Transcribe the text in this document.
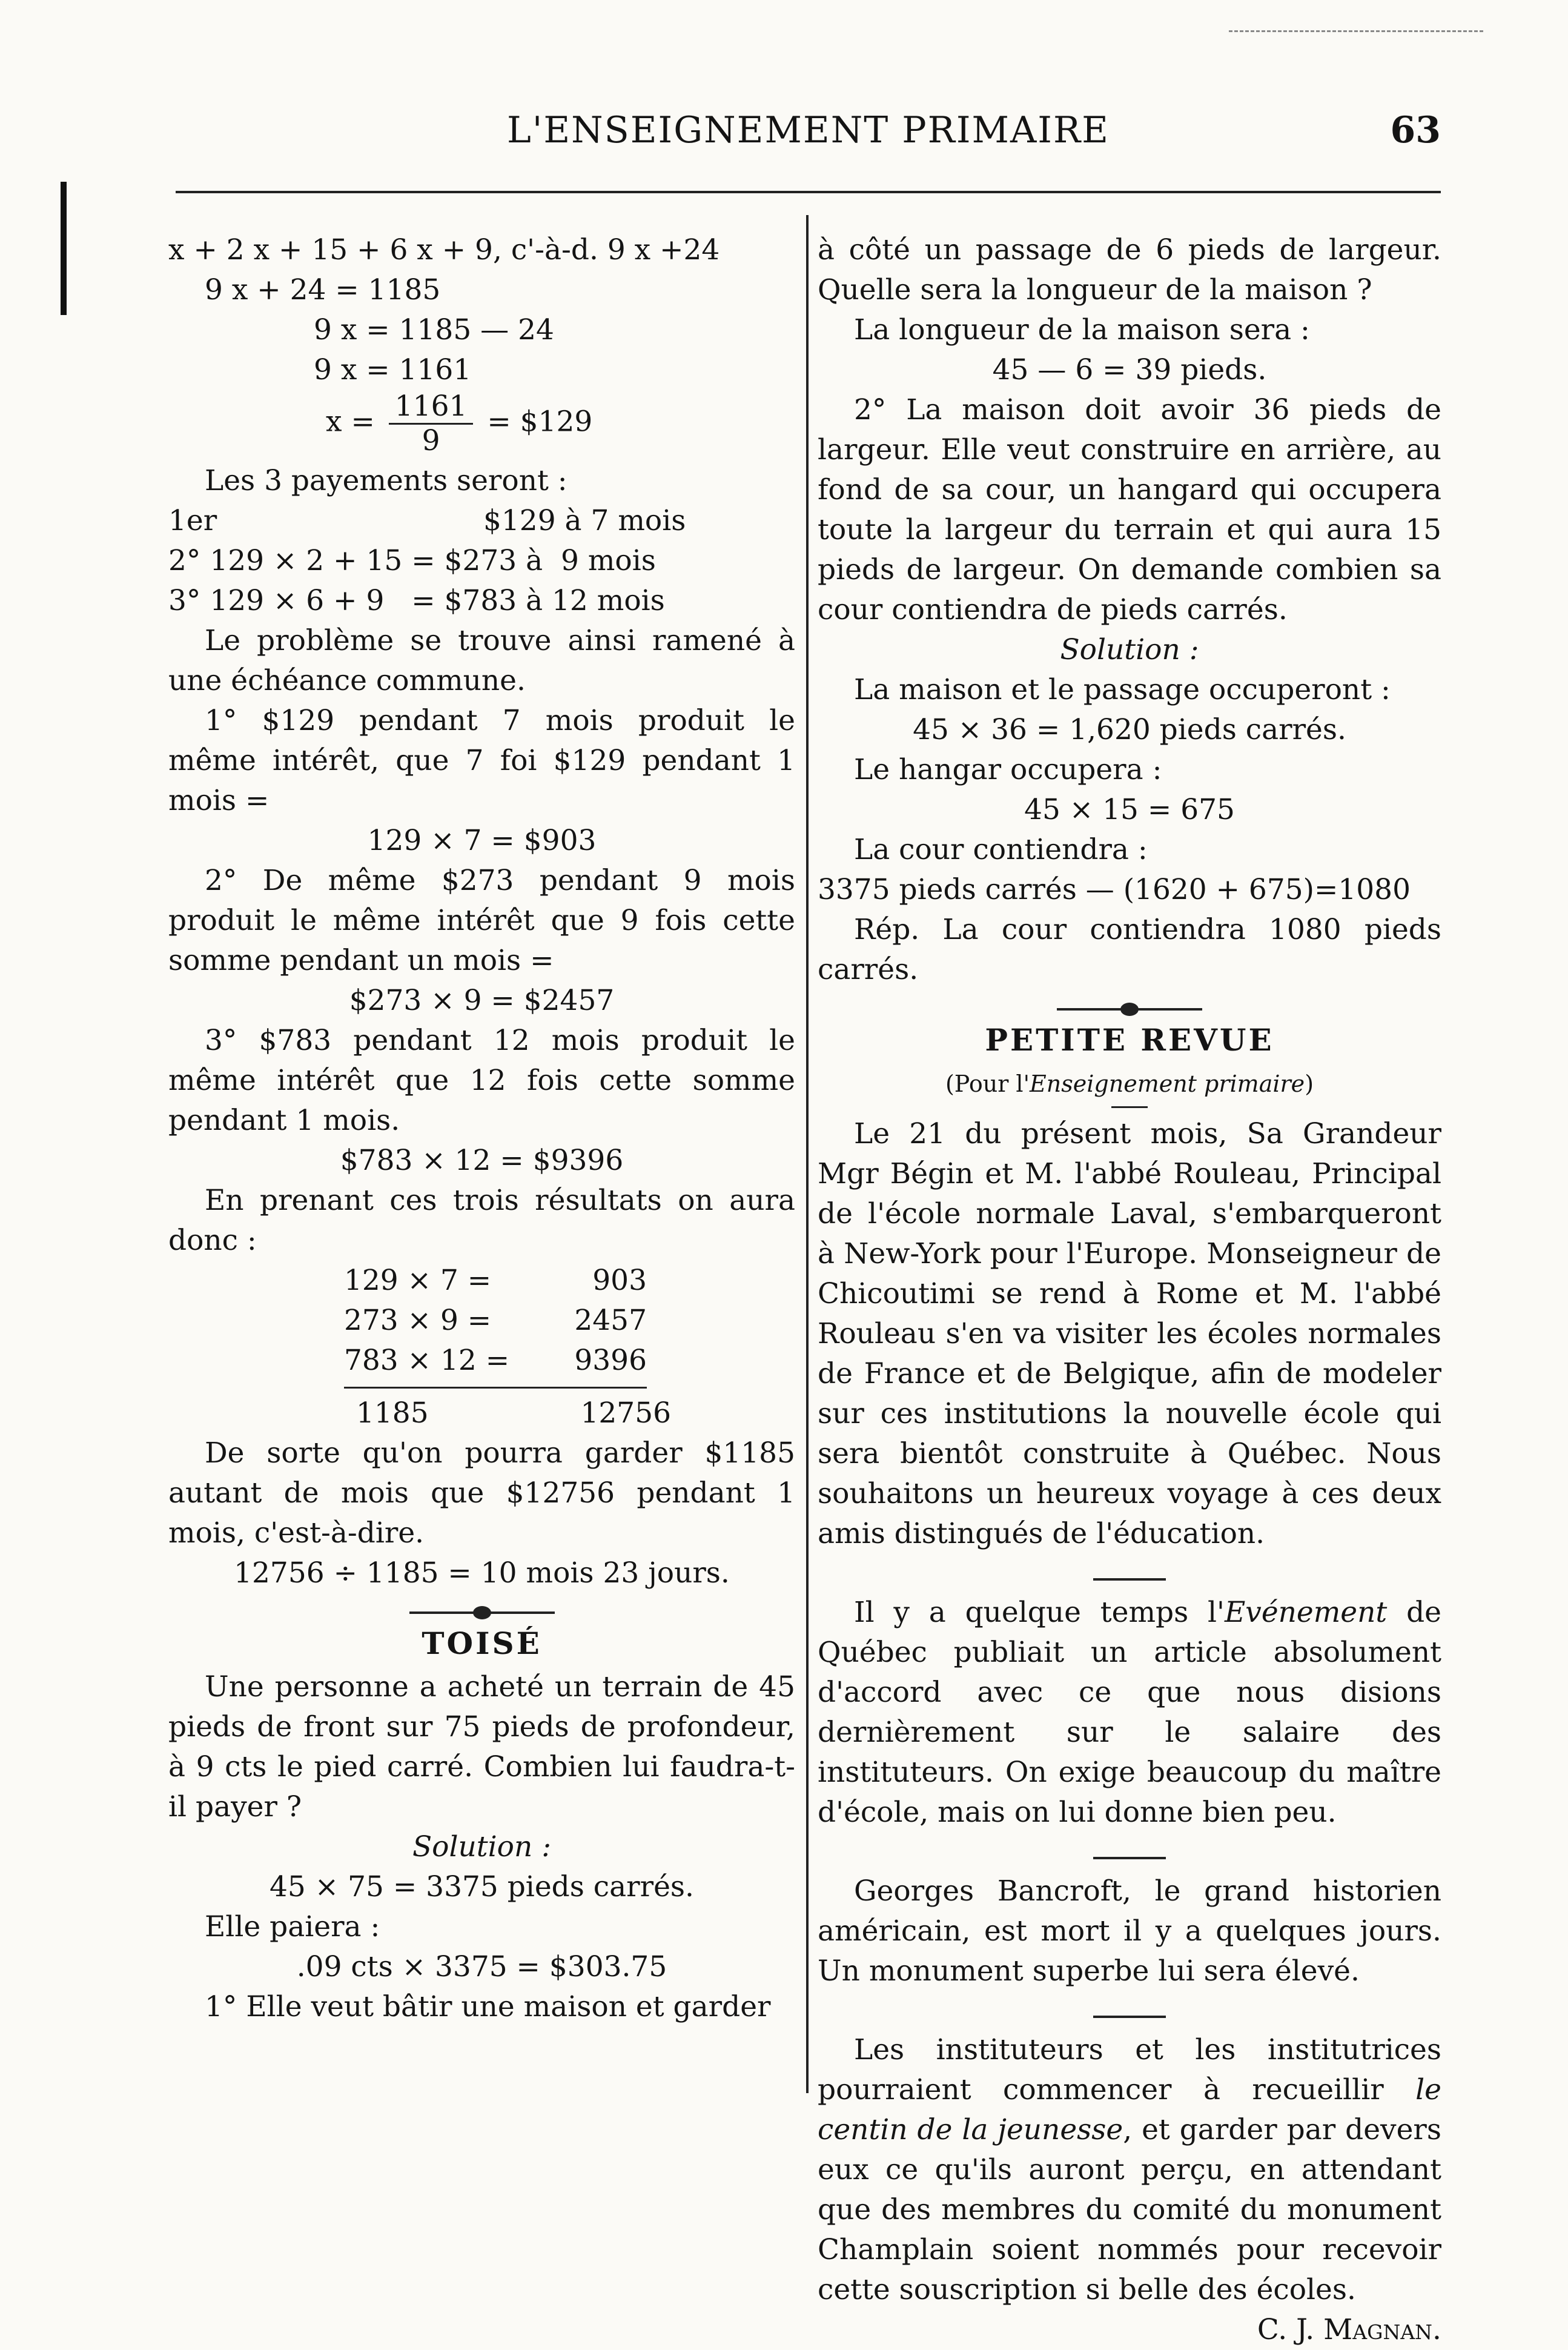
L'ENSEIGNEMENT PRIMAIRE	63

x + 2 x + 15 + 6 x + 9, c'-à-d. 9 x +24

9 x + 24 = 1185

9 x = 1185 — 24

9 x = 1161

$x = \frac{1161}{9}$ = $129

Les 3 payements seront :

1er	$129 à 7 mois

2° 129 × 2 + 15 = $273 à  9 mois

3° 129 × 6 + 9   = $783 à 12 mois

Le problème se trouve ainsi ramené à une échéance commune.

1° $129 pendant 7 mois produit le même intérêt, que 7 foi $129 pendant 1 mois =

129 × 7 = $903

2° De même $273 pendant 9 mois produit le même intérêt que 9 fois cette somme pendant un mois =

$273 × 9 = $2457

3° $783 pendant 12 mois produit le même intérêt que 12 fois cette somme pendant 1 mois.

$783 × 12 = $9396

En prenant ces trois résultats on aura donc :

129 × 7 =	903
273 × 9 =	2457
783 × 12 =	9396
1185	12756

De sorte qu'on pourra garder $1185 autant de mois que $12756 pendant 1 mois, c'est-à-dire.

12756 ÷ 1185 = 10 mois 23 jours.

TOISÉ

Une personne a acheté un terrain de 45 pieds de front sur 75 pieds de profondeur, à 9 cts le pied carré. Combien lui faudra-t-il payer ?

Solution :

45 × 75 = 3375 pieds carrés.

Elle paiera :

.09 cts × 3375 = $303.75

1° Elle veut bâtir une maison et garder

à côté un passage de 6 pieds de largeur. Quelle sera la longueur de la maison ?

La longueur de la maison sera :

45 — 6 = 39 pieds.

2° La maison doit avoir 36 pieds de largeur. Elle veut construire en arrière, au fond de sa cour, un hangard qui occupera toute la largeur du terrain et qui aura 15 pieds de largeur. On demande combien sa cour contiendra de pieds carrés.

Solution :

La maison et le passage occuperont :

45 × 36 = 1,620 pieds carrés.

Le hangar occupera :

45 × 15 = 675

La cour contiendra :

3375 pieds carrés — (1620 + 675)=1080

Rép. La cour contiendra 1080 pieds carrés.

PETITE REVUE

(Pour l'Enseignement primaire)

Le 21 du présent mois, Sa Grandeur Mgr Bégin et M. l'abbé Rouleau, Principal de l'école normale Laval, s'embarqueront à New-York pour l'Europe. Monseigneur de Chicoutimi se rend à Rome et M. l'abbé Rouleau s'en va visiter les écoles normales de France et de Belgique, afin de modeler sur ces institutions la nouvelle école qui sera bientôt construite à Québec. Nous souhaitons un heureux voyage à ces deux amis distingués de l'éducation.

Il y a quelque temps l'Evénement de Québec publiait un article absolument d'accord avec ce que nous disions dernièrement sur le salaire des instituteurs. On exige beaucoup du maître d'école, mais on lui donne bien peu.

Georges Bancroft, le grand historien américain, est mort il y a quelques jours. Un monument superbe lui sera élevé.

Les instituteurs et les institutrices pourraient commencer à recueillir le centin de la jeunesse, et garder par devers eux ce qu'ils auront perçu, en attendant que des membres du comité du monument Champlain soient nommés pour recevoir cette souscription si belle des écoles.

C. J. Magnan.
